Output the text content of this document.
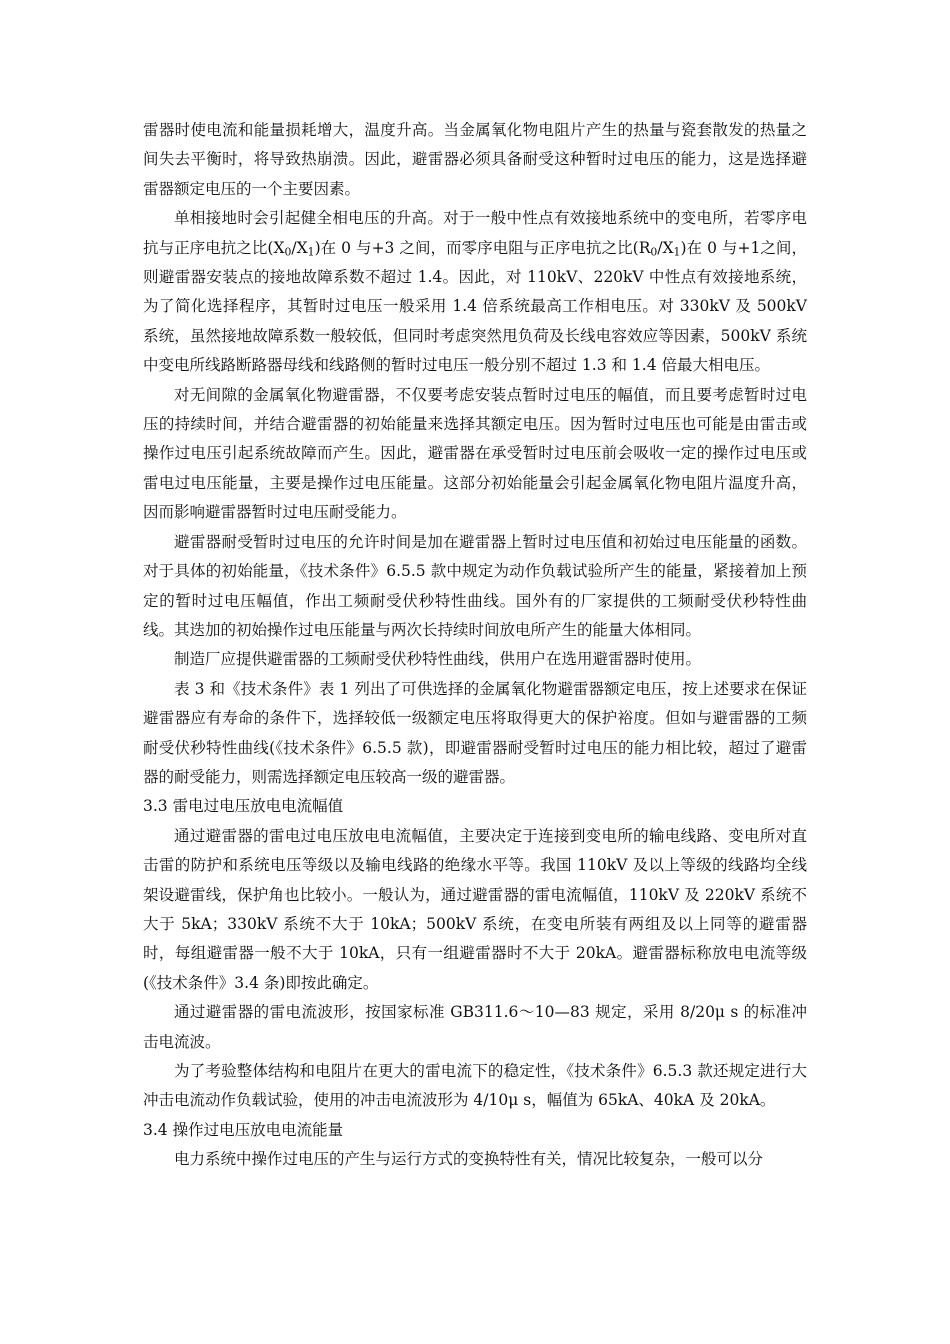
雷器时使电流和能量损耗增大，温度升高。当金属氧化物电阻片产生的热量与瓷套散发的热量之间失去平衡时，将导致热崩溃。因此，避雷器必须具备耐受这种暂时过电压的能力，这是选择避雷器额定电压的一个主要因素。

单相接地时会引起健全相电压的升高。对于一般中性点有效接地系统中的变电所，若零序电抗与正序电抗之比$(X_0/X_1)$在 0 与+3 之间，而零序电阻与正序电抗之比$(R_0/X_1)$在 0 与+1之间，则避雷器安装点的接地故障系数不超过 1.4。因此，对 110kV、220kV 中性点有效接地系统，为了简化选择程序，其暂时过电压一般采用 1.4 倍系统最高工作相电压。对 330kV 及 500kV 系统，虽然接地故障系数一般较低，但同时考虑突然甩负荷及长线电容效应等因素，500kV 系统中变电所线路断路器母线和线路侧的暂时过电压一般分别不超过 1.3 和 1.4 倍最大相电压。

对无间隙的金属氧化物避雷器，不仅要考虑安装点暂时过电压的幅值，而且要考虑暂时过电压的持续时间，并结合避雷器的初始能量来选择其额定电压。因为暂时过电压也可能是由雷击或操作过电压引起系统故障而产生。因此，避雷器在承受暂时过电压前会吸收一定的操作过电压或雷电过电压能量，主要是操作过电压能量。这部分初始能量会引起金属氧化物电阻片温度升高，因而影响避雷器暂时过电压耐受能力。

避雷器耐受暂时过电压的允许时间是加在避雷器上暂时过电压值和初始过电压能量的函数。对于具体的初始能量，《技术条件》6.5.5 款中规定为动作负载试验所产生的能量，紧接着加上预定的暂时过电压幅值，作出工频耐受伏秒特性曲线。国外有的厂家提供的工频耐受伏秒特性曲线。其迭加的初始操作过电压能量与两次长持续时间放电所产生的能量大体相同。

制造厂应提供避雷器的工频耐受伏秒特性曲线，供用户在选用避雷器时使用。

表 3 和《技术条件》表 1 列出了可供选择的金属氧化物避雷器额定电压，按上述要求在保证避雷器应有寿命的条件下，选择较低一级额定电压将取得更大的保护裕度。但如与避雷器的工频耐受伏秒特性曲线(《技术条件》6.5.5 款)，即避雷器耐受暂时过电压的能力相比较，超过了避雷器的耐受能力，则需选择额定电压较高一级的避雷器。

3.3 雷电过电压放电电流幅值

通过避雷器的雷电过电压放电电流幅值，主要决定于连接到变电所的输电线路、变电所对直击雷的防护和系统电压等级以及输电线路的绝缘水平等。我国 110kV 及以上等级的线路均全线架设避雷线，保护角也比较小。一般认为，通过避雷器的雷电流幅值，110kV 及 220kV 系统不大于 5kA；330kV 系统不大于 10kA；500kV 系统，在变电所装有两组及以上同等的避雷器时，每组避雷器一般不大于 10kA，只有一组避雷器时不大于 20kA。避雷器标称放电电流等级(《技术条件》3.4 条)即按此确定。

通过避雷器的雷电流波形，按国家标准 GB311.6～10—83 规定，采用 8/20μ s 的标准冲击电流波。

为了考验整体结构和电阻片在更大的雷电流下的稳定性，《技术条件》6.5.3 款还规定进行大冲击电流动作负载试验，使用的冲击电流波形为 4/10μ s，幅值为 65kA、40kA 及 20kA。

3.4 操作过电压放电电流能量

电力系统中操作过电压的产生与运行方式的变换特性有关，情况比较复杂，一般可以分
